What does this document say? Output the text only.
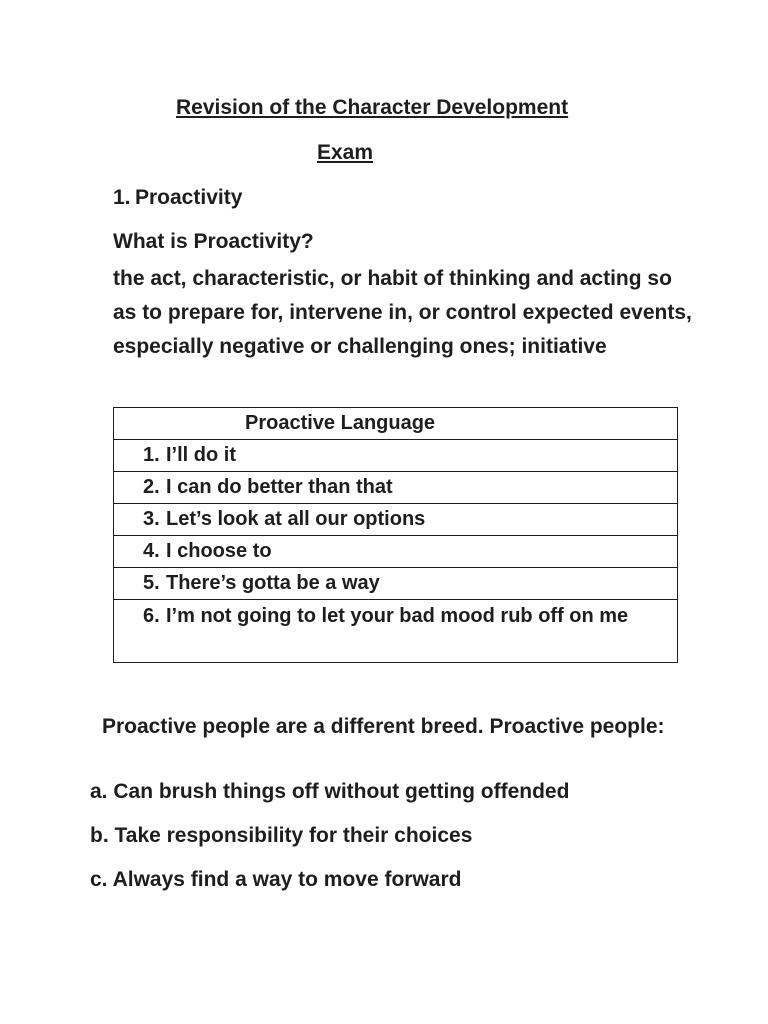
Revision of the Character Development
Exam
1. Proactivity
What is Proactivity?
the act, characteristic, or habit of thinking and acting so as to prepare for, intervene in, or control expected events, especially negative or challenging ones; initiative
Proactive Language
1. I’ll do it
2. I can do better than that
3. Let’s look at all our options
4. I choose to
5. There’s gotta be a way
6. I’m not going to let your bad mood rub off on me
Proactive people are a different breed. Proactive people:
a. Can brush things off without getting offended
b. Take responsibility for their choices
c. Always find a way to move forward
